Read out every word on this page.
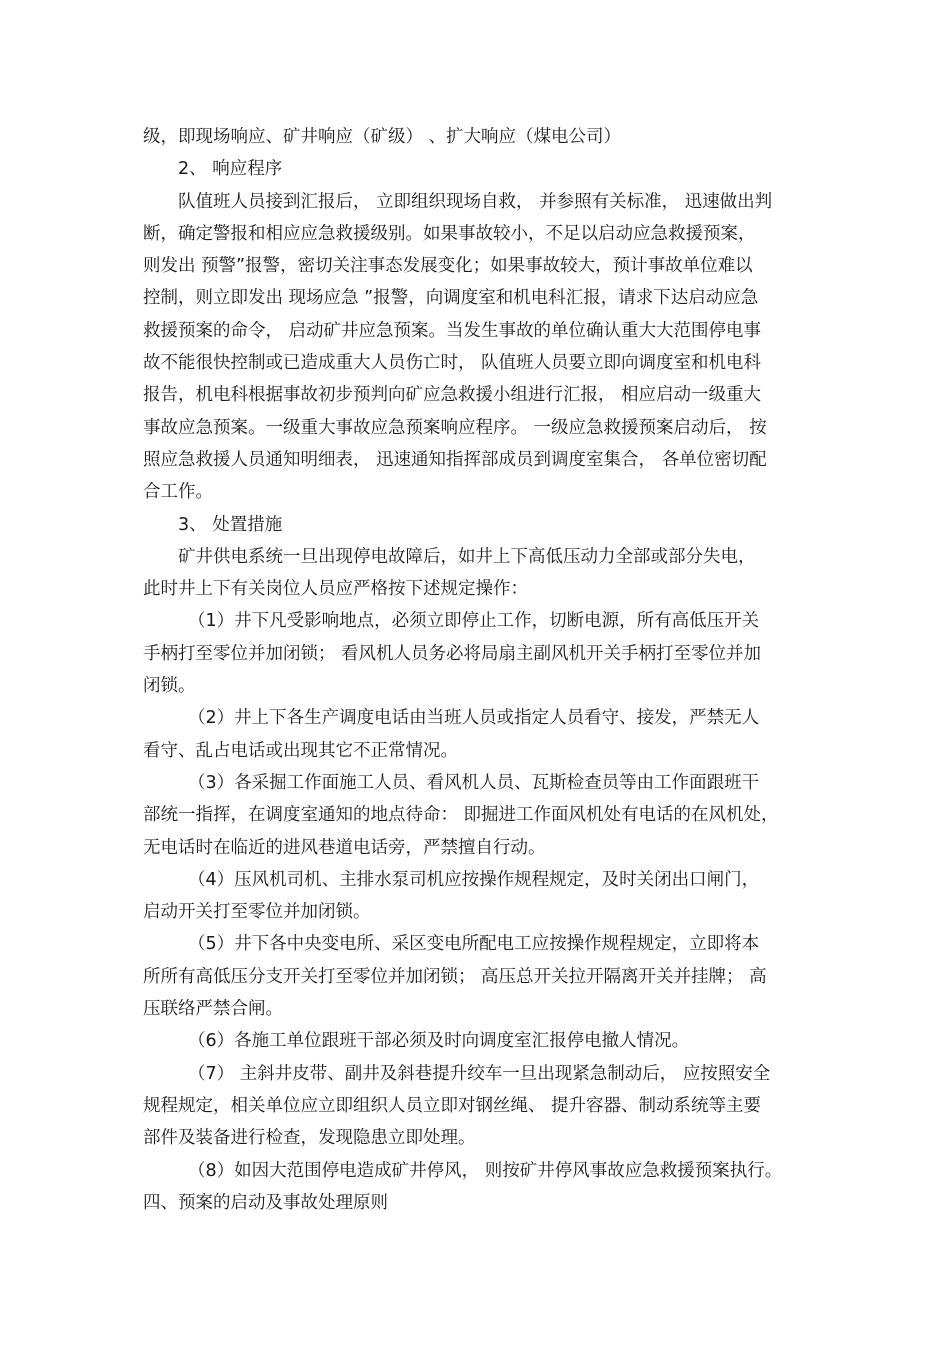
级，即现场响应、矿井响应（矿级） 、扩大响应（煤电公司）
2、 响应程序
队值班人员接到汇报后， 立即组织现场自救， 并参照有关标准， 迅速做出判
断，确定警报和相应应急救援级别。如果事故较小，不足以启动应急救援预案，
则发出 预警”报警，密切关注事态发展变化；如果事故较大，预计事故单位难以
控制，则立即发出 现场应急 ”报警，向调度室和机电科汇报，请求下达启动应急
救援预案的命令， 启动矿井应急预案。当发生事故的单位确认重大大范围停电事
故不能很快控制或已造成重大人员伤亡时， 队值班人员要立即向调度室和机电科
报告，机电科根据事故初步预判向矿应急救援小组进行汇报， 相应启动一级重大
事故应急预案。一级重大事故应急预案响应程序。 一级应急救援预案启动后， 按
照应急救援人员通知明细表， 迅速通知指挥部成员到调度室集合， 各单位密切配
合工作。
3、 处置措施
矿井供电系统一旦出现停电故障后，如井上下高低压动力全部或部分失电，
此时井上下有关岗位人员应严格按下述规定操作：
（1）井下凡受影响地点，必须立即停止工作，切断电源，所有高低压开关
手柄打至零位并加闭锁； 看风机人员务必将局扇主副风机开关手柄打至零位并加
闭锁。
（2）井上下各生产调度电话由当班人员或指定人员看守、接发，严禁无人
看守、乱占电话或出现其它不正常情况。
（3）各采掘工作面施工人员、看风机人员、瓦斯检查员等由工作面跟班干
部统一指挥，在调度室通知的地点待命： 即掘进工作面风机处有电话的在风机处，
无电话时在临近的进风巷道电话旁，严禁擅自行动。
（4）压风机司机、主排水泵司机应按操作规程规定，及时关闭出口闸门，
启动开关打至零位并加闭锁。
（5）井下各中央变电所、采区变电所配电工应按操作规程规定，立即将本
所所有高低压分支开关打至零位并加闭锁； 高压总开关拉开隔离开关并挂牌； 高
压联络严禁合闸。
（6）各施工单位跟班干部必须及时向调度室汇报停电撤人情况。
（7） 主斜井皮带、副井及斜巷提升绞车一旦出现紧急制动后， 应按照安全
规程规定，相关单位应立即组织人员立即对钢丝绳、 提升容器、制动系统等主要
部件及装备进行检查，发现隐患立即处理。
（8）如因大范围停电造成矿井停风， 则按矿井停风事故应急救援预案执行。
四、预案的启动及事故处理原则
